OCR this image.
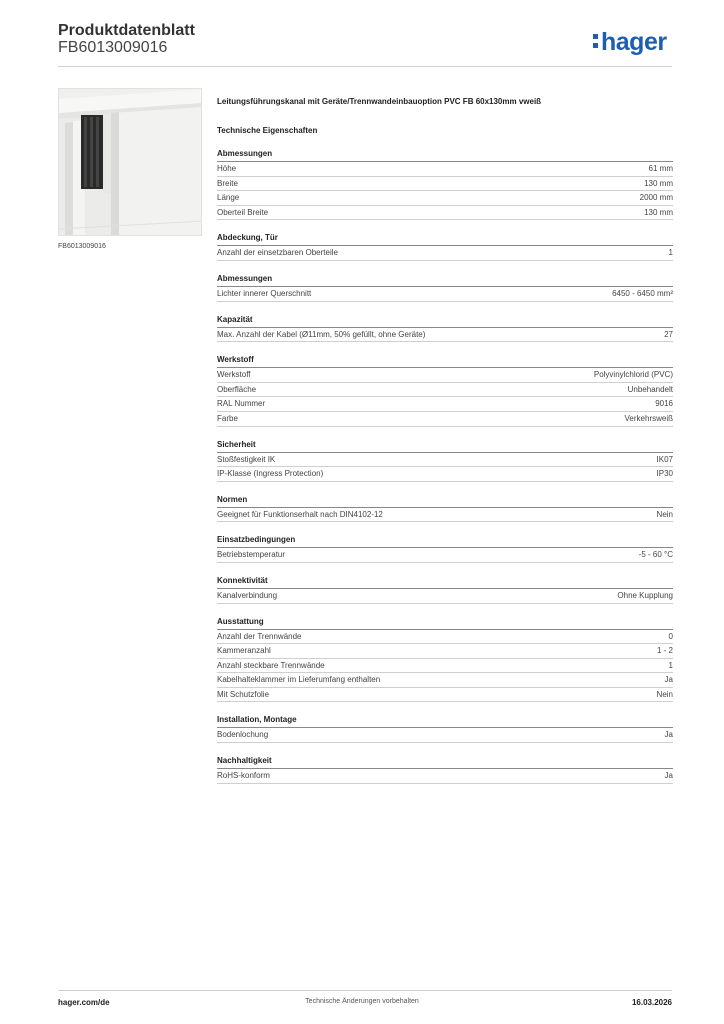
Produktdatenblatt
FB6013009016	hager
FB6013009016
Leitungsführungskanal mit Geräte/Trennwandeinbauoption PVC FB 60x130mm vweiß
Technische Eigenschaften
Abmessungen
Höhe	61 mm
Breite	130 mm
Länge	2000 mm
Oberteil Breite	130 mm
Abdeckung, Tür
Anzahl der einsetzbaren Oberteile	1
Abmessungen
Lichter innerer Querschnitt	6450 - 6450 mm²
Kapazität
Max. Anzahl der Kabel (Ø11mm, 50% gefüllt, ohne Geräte)	27
Werkstoff
Werkstoff	Polyvinylchlorid (PVC)
Oberfläche	Unbehandelt
RAL Nummer	9016
Farbe	Verkehrsweiß
Sicherheit
Stoßfestigkeit IK	IK07
IP-Klasse (Ingress Protection)	IP30
Normen
Geeignet für Funktionserhalt nach DIN4102-12	Nein
Einsatzbedingungen
Betriebstemperatur	-5 - 60 °C
Konnektivität
Kanalverbindung	Ohne Kupplung
Ausstattung
Anzahl der Trennwände	0
Kammeranzahl	1 - 2
Anzahl steckbare Trennwände	1
Kabelhalteklammer im Lieferumfang enthalten	Ja
Mit Schutzfolie	Nein
Installation, Montage
Bodenlochung	Ja
Nachhaltigkeit
RoHS-konform	Ja
hager.com/de	Technische Änderungen vorbehalten	16.03.2026
